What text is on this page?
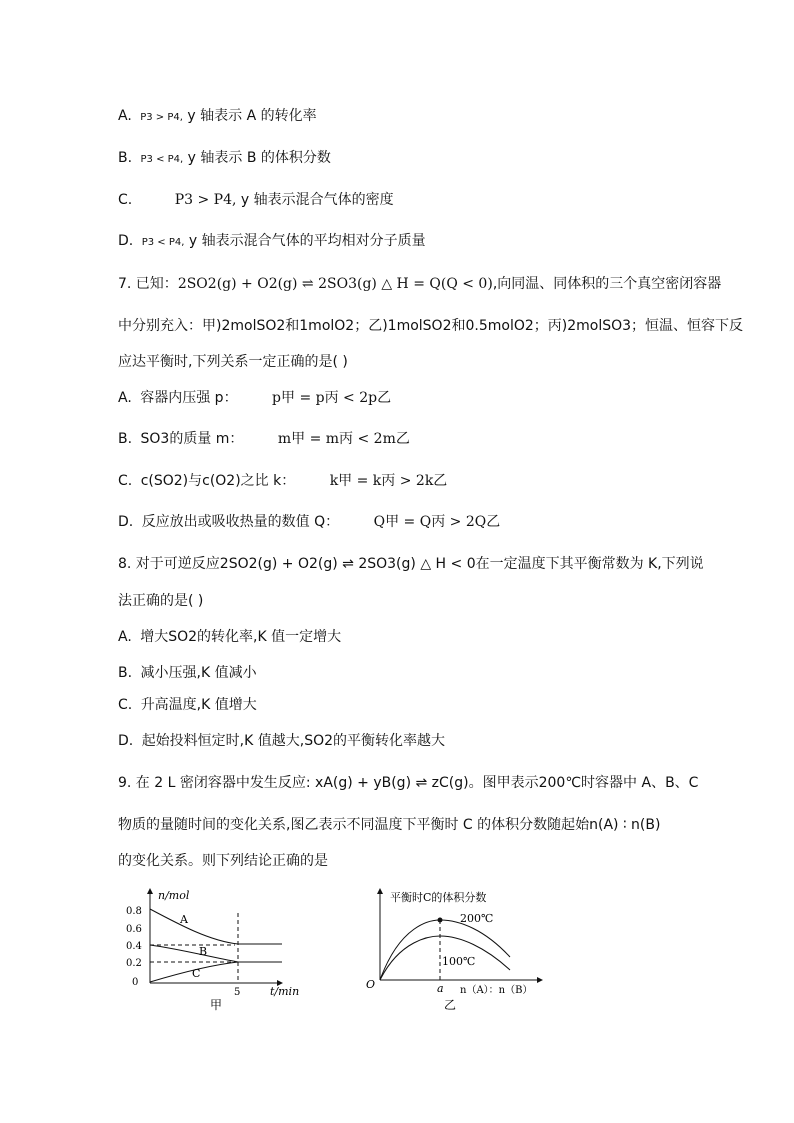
A. P3 > P4, y 轴表示 A 的转化率
B. P3 < P4, y 轴表示 B 的体积分数
C.	P3 > P4, y 轴表示混合气体的密度
D. P3 < P4, y 轴表示混合气体的平均相对分子质量
7. 已知：2SO2(g) + O2(g) ⇌ 2SO3(g) △ H = Q(Q < 0),向同温、同体积的三个真空密闭容器
中分别充入：甲)2molSO2和1molO2；乙)1molSO2和0.5molO2；丙)2molSO3；恒温、恒容下反
应达平衡时,下列关系一定正确的是( )
A. 容器内压强 p： p甲 = p丙 < 2p乙
B. SO3的质量 m： m甲 = m丙 < 2m乙
C. c(SO2)与c(O2)之比 k： k甲 = k丙 > 2k乙
D. 反应放出或吸收热量的数值 Q： Q甲 = Q丙 > 2Q乙
8. 对于可逆反应2SO2(g) + O2(g) ⇌ 2SO3(g) △ H < 0在一定温度下其平衡常数为 K,下列说
法正确的是( )
A. 增大SO2的转化率,K 值一定增大
B. 减小压强,K 值减小
C. 升高温度,K 值增大
D. 起始投料恒定时,K 值越大,SO2的平衡转化率越大
9. 在 2 L 密闭容器中发生反应: xA(g) + yB(g) ⇌ zC(g)。图甲表示200℃时容器中 A、B、C
物质的量随时间的变化关系,图乙表示不同温度下平衡时 C 的体积分数随起始n(A) ∶ n(B)
的变化关系。则下列结论正确的是
n/mol
t/min
0.8
0.6
0.4
0.2
0
5
A
B
C
甲
平衡时C的体积分数
O	n（A）：n（B）
a
200℃
100℃
乙
